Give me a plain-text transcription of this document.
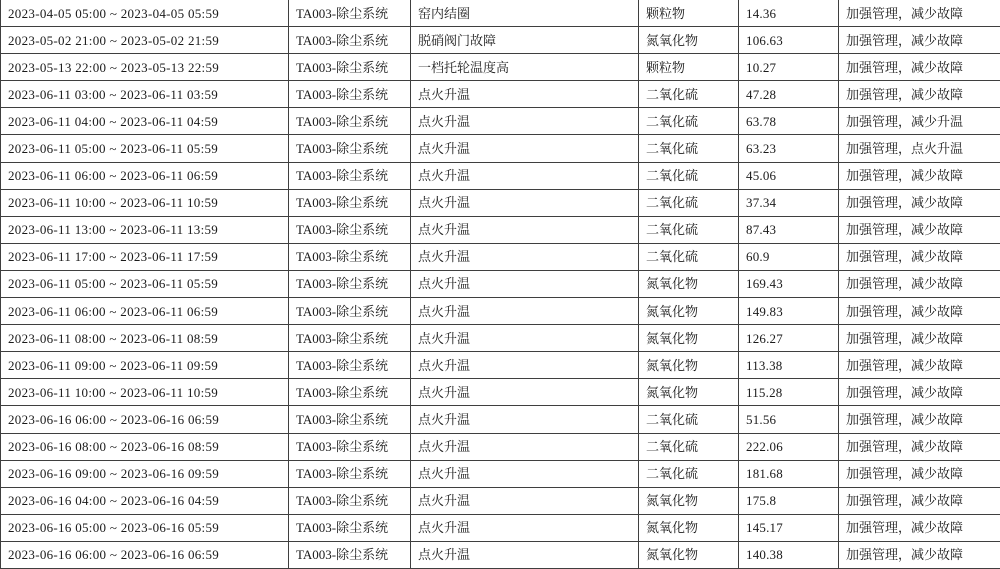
2023-04-05 05:00 ~ 2023-04-05 05:59	TA003-除尘系统	窑内结圈	颗粒物	14.36	加强管理，减少故障
2023-05-02 21:00 ~ 2023-05-02 21:59	TA003-除尘系统	脱硝阀门故障	氮氧化物	106.63	加强管理，减少故障
2023-05-13 22:00 ~ 2023-05-13 22:59	TA003-除尘系统	一档托轮温度高	颗粒物	10.27	加强管理，减少故障
2023-06-11 03:00 ~ 2023-06-11 03:59	TA003-除尘系统	点火升温	二氧化硫	47.28	加强管理，减少故障
2023-06-11 04:00 ~ 2023-06-11 04:59	TA003-除尘系统	点火升温	二氧化硫	63.78	加强管理，减少升温
2023-06-11 05:00 ~ 2023-06-11 05:59	TA003-除尘系统	点火升温	二氧化硫	63.23	加强管理，点火升温
2023-06-11 06:00 ~ 2023-06-11 06:59	TA003-除尘系统	点火升温	二氧化硫	45.06	加强管理，减少故障
2023-06-11 10:00 ~ 2023-06-11 10:59	TA003-除尘系统	点火升温	二氧化硫	37.34	加强管理，减少故障
2023-06-11 13:00 ~ 2023-06-11 13:59	TA003-除尘系统	点火升温	二氧化硫	87.43	加强管理，减少故障
2023-06-11 17:00 ~ 2023-06-11 17:59	TA003-除尘系统	点火升温	二氧化硫	60.9	加强管理，减少故障
2023-06-11 05:00 ~ 2023-06-11 05:59	TA003-除尘系统	点火升温	氮氧化物	169.43	加强管理，减少故障
2023-06-11 06:00 ~ 2023-06-11 06:59	TA003-除尘系统	点火升温	氮氧化物	149.83	加强管理，减少故障
2023-06-11 08:00 ~ 2023-06-11 08:59	TA003-除尘系统	点火升温	氮氧化物	126.27	加强管理，减少故障
2023-06-11 09:00 ~ 2023-06-11 09:59	TA003-除尘系统	点火升温	氮氧化物	113.38	加强管理，减少故障
2023-06-11 10:00 ~ 2023-06-11 10:59	TA003-除尘系统	点火升温	氮氧化物	115.28	加强管理，减少故障
2023-06-16 06:00 ~ 2023-06-16 06:59	TA003-除尘系统	点火升温	二氧化硫	51.56	加强管理，减少故障
2023-06-16 08:00 ~ 2023-06-16 08:59	TA003-除尘系统	点火升温	二氧化硫	222.06	加强管理，减少故障
2023-06-16 09:00 ~ 2023-06-16 09:59	TA003-除尘系统	点火升温	二氧化硫	181.68	加强管理，减少故障
2023-06-16 04:00 ~ 2023-06-16 04:59	TA003-除尘系统	点火升温	氮氧化物	175.8	加强管理，减少故障
2023-06-16 05:00 ~ 2023-06-16 05:59	TA003-除尘系统	点火升温	氮氧化物	145.17	加强管理，减少故障
2023-06-16 06:00 ~ 2023-06-16 06:59	TA003-除尘系统	点火升温	氮氧化物	140.38	加强管理，减少故障
